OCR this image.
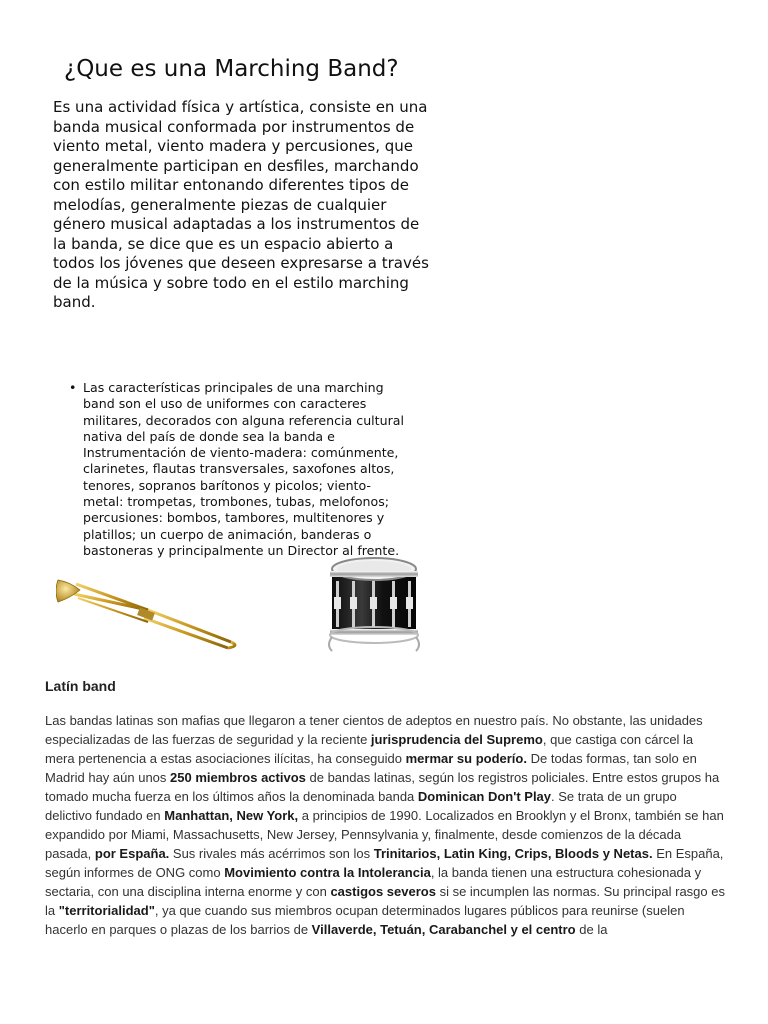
¿Que es una Marching Band?
Es una actividad física y artística, consiste en una banda musical conformada por instrumentos de viento metal, viento madera y percusiones, que generalmente participan en desfiles, marchando con estilo militar entonando diferentes tipos de melodías, generalmente piezas de cualquier género musical adaptadas a los instrumentos de la banda, se dice que es un espacio abierto a todos los jóvenes que deseen expresarse a través de la música y sobre todo en el estilo marching band.
• Las características principales de una marching band son el uso de uniformes con caracteres militares, decorados con alguna referencia cultural nativa del país de donde sea la banda e Instrumentación de viento-madera: comúnmente, clarinetes, flautas transversales, saxofones altos, tenores, sopranos barítonos y picolos; viento-metal: trompetas, trombones, tubas, melofonos; percusiones: bombos, tambores, multitenores y platillos; un cuerpo de animación, banderas o bastoneras y principalmente un Director al frente.
Latín band
Las bandas latinas son mafias que llegaron a tener cientos de adeptos en nuestro país. No obstante, las unidades especializadas de las fuerzas de seguridad y la reciente jurisprudencia del Supremo, que castiga con cárcel la mera pertenencia a estas asociaciones ilícitas, ha conseguido mermar su poderío. De todas formas, tan solo en Madrid hay aún unos 250 miembros activos de bandas latinas, según los registros policiales. Entre estos grupos ha tomado mucha fuerza en los últimos años la denominada banda Dominican Don't Play. Se trata de un grupo delictivo fundado en Manhattan, New York, a principios de 1990. Localizados en Brooklyn y el Bronx, también se han expandido por Miami, Massachusetts, New Jersey, Pennsylvania y, finalmente, desde comienzos de la década pasada, por España. Sus rivales más acérrimos son los Trinitarios, Latin King, Crips, Bloods y Netas. En España, según informes de ONG como Movimiento contra la Intolerancia, la banda tienen una estructura cohesionada y sectaria, con una disciplina interna enorme y con castigos severos si se incumplen las normas. Su principal rasgo es la "territorialidad", ya que cuando sus miembros ocupan determinados lugares públicos para reunirse (suelen hacerlo en parques o plazas de los barrios de Villaverde, Tetuán, Carabanchel y el centro de la
